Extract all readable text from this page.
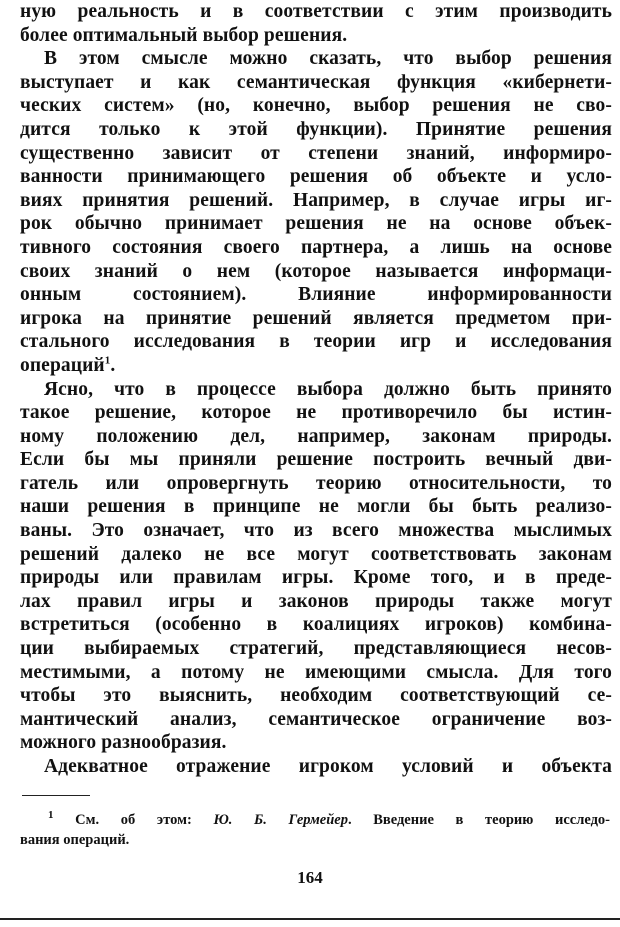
ную реальность и в соответствии с этим производить
более оптимальный выбор решения.
В этом смысле можно сказать, что выбор решения
выступает и как семантическая функция «кибернети-
ческих систем» (но, конечно, выбор решения не сво-
дится только к этой функции). Принятие решения
существенно зависит от степени знаний, информиро-
ванности принимающего решения об объекте и усло-
виях принятия решений. Например, в случае игры иг-
рок обычно принимает решения не на основе объек-
тивного состояния своего партнера, а лишь на основе
своих знаний о нем (которое называется информаци-
онным состоянием). Влияние информированности
игрока на принятие решений является предметом при-
стального исследования в теории игр и исследования
операций$^1$.
Ясно, что в процессе выбора должно быть принято
такое решение, которое не противоречило бы истин-
ному положению дел, например, законам природы.
Если бы мы приняли решение построить вечный дви-
гатель или опровергнуть теорию относительности, то
наши решения в принципе не могли бы быть реализо-
ваны. Это означает, что из всего множества мыслимых
решений далеко не все могут соответствовать законам
природы или правилам игры. Кроме того, и в преде-
лах правил игры и законов природы также могут
встретиться (особенно в коалициях игроков) комбина-
ции выбираемых стратегий, представляющиеся несов-
местимыми, а потому не имеющими смысла. Для того
чтобы это выяснить, необходим соответствующий се-
мантический анализ, семантическое ограничение воз-
можного разнообразия.
Адекватное отражение игроком условий и объекта
$^1$ См. об этом: Ю. Б. Гермейер. Введение в теорию исследо-
вания операций.
164
